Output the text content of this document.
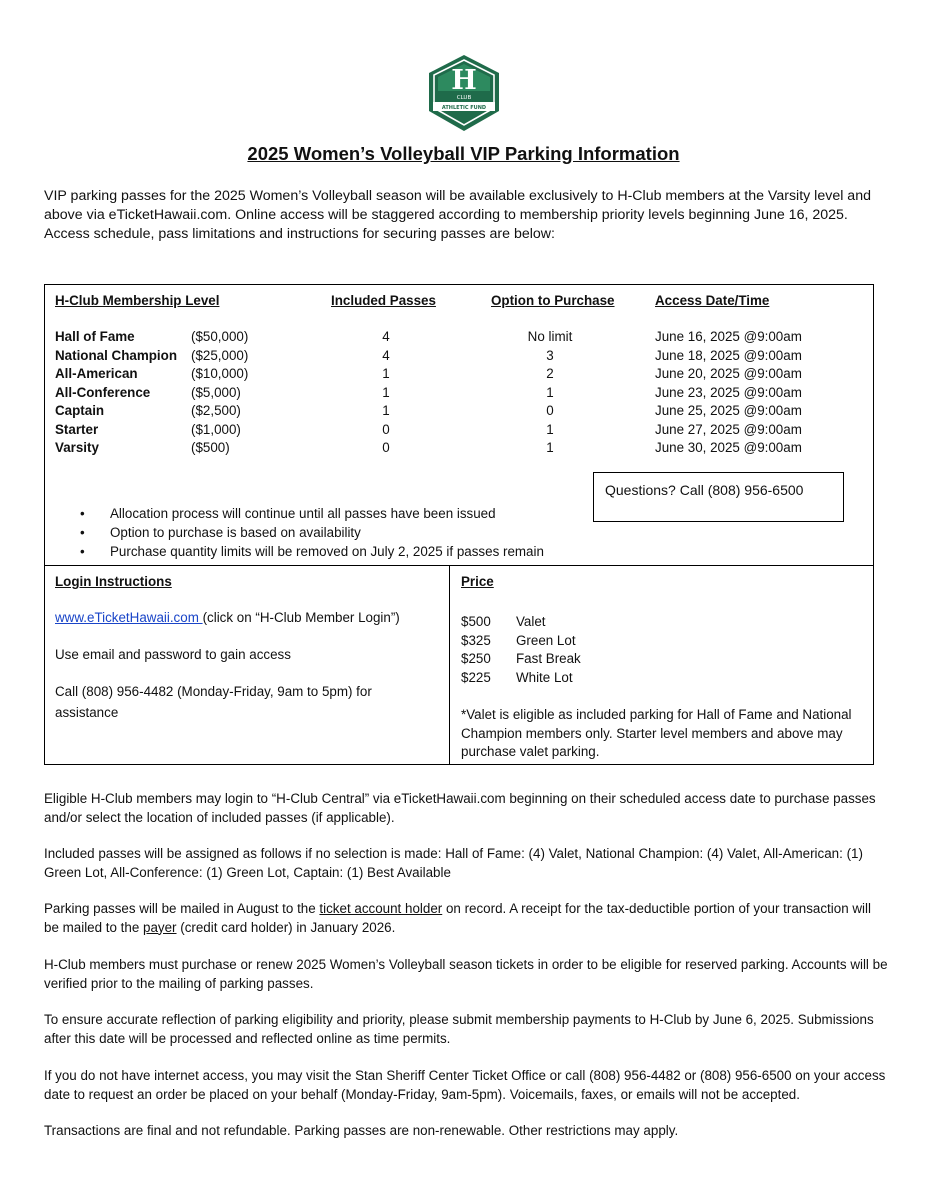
H
CLUB
ATHLETIC FUND
2025 Women’s Volleyball VIP Parking Information
VIP parking passes for the 2025 Women’s Volleyball season will be available exclusively to H-Club members at the Varsity level and above via eTicketHawaii.com. Online access will be staggered according to membership priority levels beginning June 16, 2025. Access schedule, pass limitations and instructions for securing passes are below:
H-Club Membership Level	Included Passes	Option to Purchase	Access Date/Time
Hall of Fame	($50,000)	4	No limit	June 16, 2025 @9:00am
National Champion ($25,000)	4	3	June 18, 2025 @9:00am
All-American	($10,000)	1	2	June 20, 2025 @9:00am
All-Conference	($5,000)	1	1	June 23, 2025 @9:00am
Captain	($2,500)	1	0	June 25, 2025 @9:00am
Starter	($1,000)	0	1	June 27, 2025 @9:00am
Varsity	($500)	0	1	June 30, 2025 @9:00am
Questions? Call (808) 956-6500
•	Allocation process will continue until all passes have been issued
•	Option to purchase is based on availability
•	Purchase quantity limits will be removed on July 2, 2025 if passes remain
Login Instructions
www.eTicketHawaii.com (click on “H-Club Member Login”)
Use email and password to gain access
Call (808) 956-4482 (Monday-Friday, 9am to 5pm) for
assistance
Price
$500 Valet
$325 Green Lot
$250 Fast Break
$225 White Lot
*Valet is eligible as included parking for Hall of Fame and National Champion members only. Starter level members and above may purchase valet parking.
Eligible H-Club members may login to “H-Club Central” via eTicketHawaii.com beginning on their scheduled access date to purchase passes and/or select the location of included passes (if applicable).
Included passes will be assigned as follows if no selection is made: Hall of Fame: (4) Valet, National Champion: (4) Valet, All-American: (1) Green Lot, All-Conference: (1) Green Lot, Captain: (1) Best Available
Parking passes will be mailed in August to the ticket account holder on record. A receipt for the tax-deductible portion of your transaction will be mailed to the payer (credit card holder) in January 2026.
H-Club members must purchase or renew 2025 Women’s Volleyball season tickets in order to be eligible for reserved parking. Accounts will be verified prior to the mailing of parking passes.
To ensure accurate reflection of parking eligibility and priority, please submit membership payments to H-Club by June 6, 2025. Submissions after this date will be processed and reflected online as time permits.
If you do not have internet access, you may visit the Stan Sheriff Center Ticket Office or call (808) 956-4482 or (808) 956-6500 on your access date to request an order be placed on your behalf (Monday-Friday, 9am-5pm). Voicemails, faxes, or emails will not be accepted.
Transactions are final and not refundable. Parking passes are non-renewable. Other restrictions may apply.
